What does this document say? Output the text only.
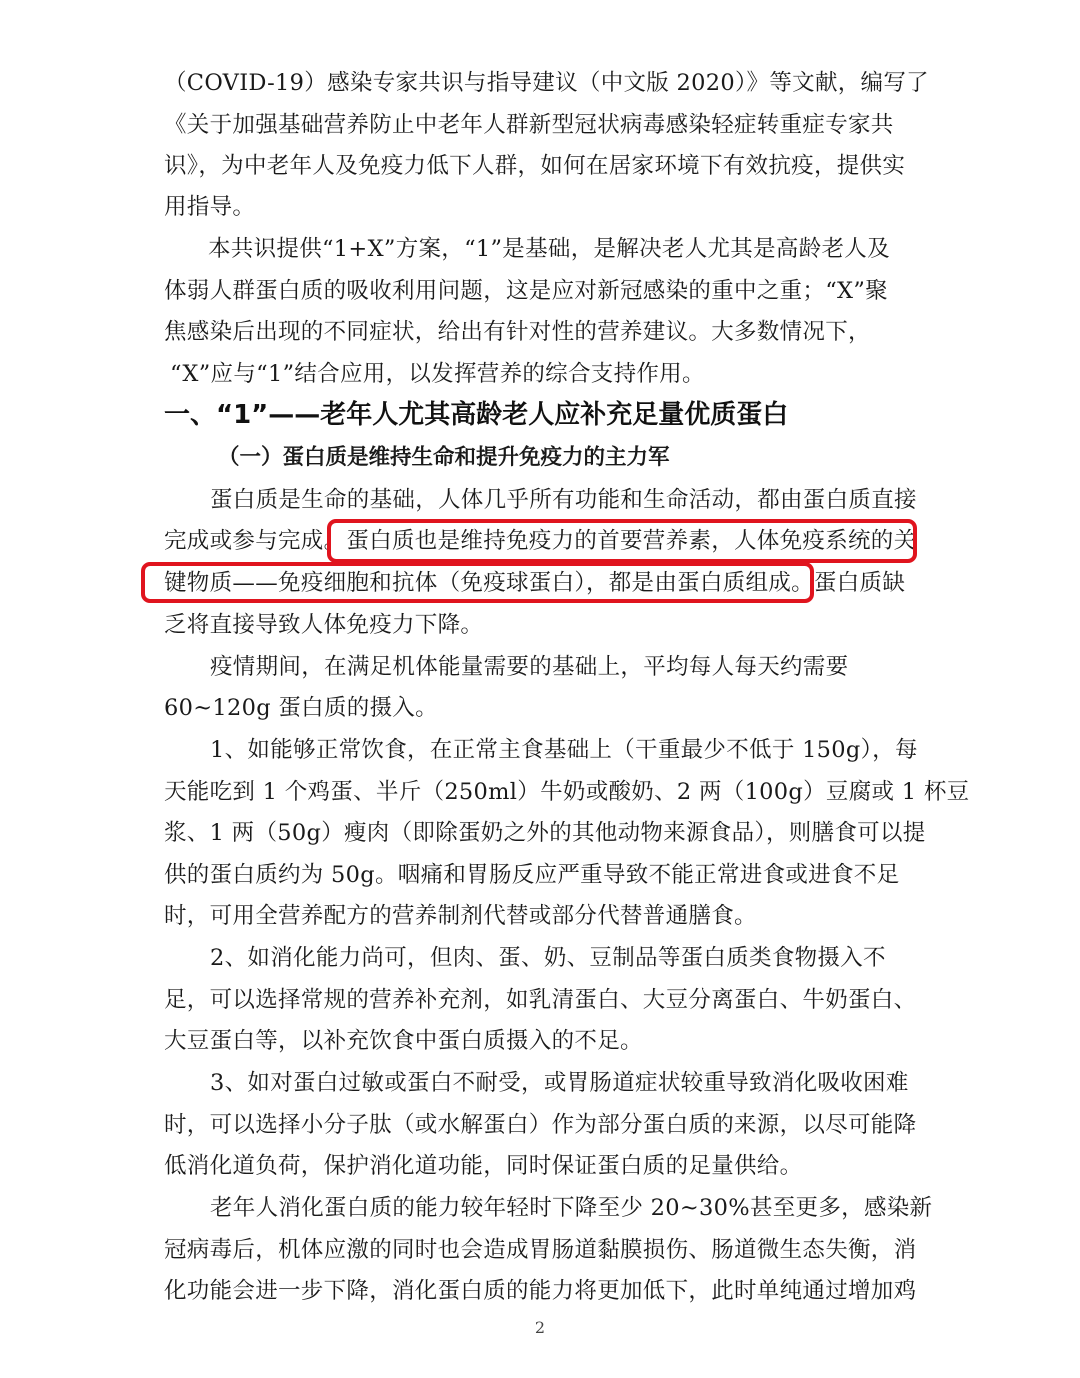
（COVID-19）感染专家共识与指导建议（中文版 2020）》等文献，编写了
《关于加强基础营养防止中老年人群新型冠状病毒感染轻症转重症专家共
识》，为中老年人及免疫力低下人群，如何在居家环境下有效抗疫，提供实
用指导。
本共识提供“1+X”方案，“1”是基础，是解决老人尤其是高龄老人及
体弱人群蛋白质的吸收利用问题，这是应对新冠感染的重中之重；“X”聚
焦感染后出现的不同症状，给出有针对性的营养建议。大多数情况下，
“X”应与“1”结合应用，以发挥营养的综合支持作用。
一、“1”——老年人尤其高龄老人应补充足量优质蛋白
（一）蛋白质是维持生命和提升免疫力的主力军
蛋白质是生命的基础，人体几乎所有功能和生命活动，都由蛋白质直接
完成或参与完成。蛋白质也是维持免疫力的首要营养素，人体免疫系统的关
键物质——免疫细胞和抗体（免疫球蛋白），都是由蛋白质组成。蛋白质缺
乏将直接导致人体免疫力下降。
疫情期间，在满足机体能量需要的基础上，平均每人每天约需要
60~120g 蛋白质的摄入。
1、如能够正常饮食，在正常主食基础上（干重最少不低于 150g），每
天能吃到 1 个鸡蛋、半斤（250ml）牛奶或酸奶、2 两（100g）豆腐或 1 杯豆
浆、1 两（50g）瘦肉（即除蛋奶之外的其他动物来源食品），则膳食可以提
供的蛋白质约为 50g。咽痛和胃肠反应严重导致不能正常进食或进食不足
时，可用全营养配方的营养制剂代替或部分代替普通膳食。
2、如消化能力尚可，但肉、蛋、奶、豆制品等蛋白质类食物摄入不
足，可以选择常规的营养补充剂，如乳清蛋白、大豆分离蛋白、牛奶蛋白、
大豆蛋白等，以补充饮食中蛋白质摄入的不足。
3、如对蛋白过敏或蛋白不耐受，或胃肠道症状较重导致消化吸收困难
时，可以选择小分子肽（或水解蛋白）作为部分蛋白质的来源，以尽可能降
低消化道负荷，保护消化道功能，同时保证蛋白质的足量供给。
老年人消化蛋白质的能力较年轻时下降至少 20~30%甚至更多，感染新
冠病毒后，机体应激的同时也会造成胃肠道黏膜损伤、肠道微生态失衡，消
化功能会进一步下降，消化蛋白质的能力将更加低下，此时单纯通过增加鸡
2
